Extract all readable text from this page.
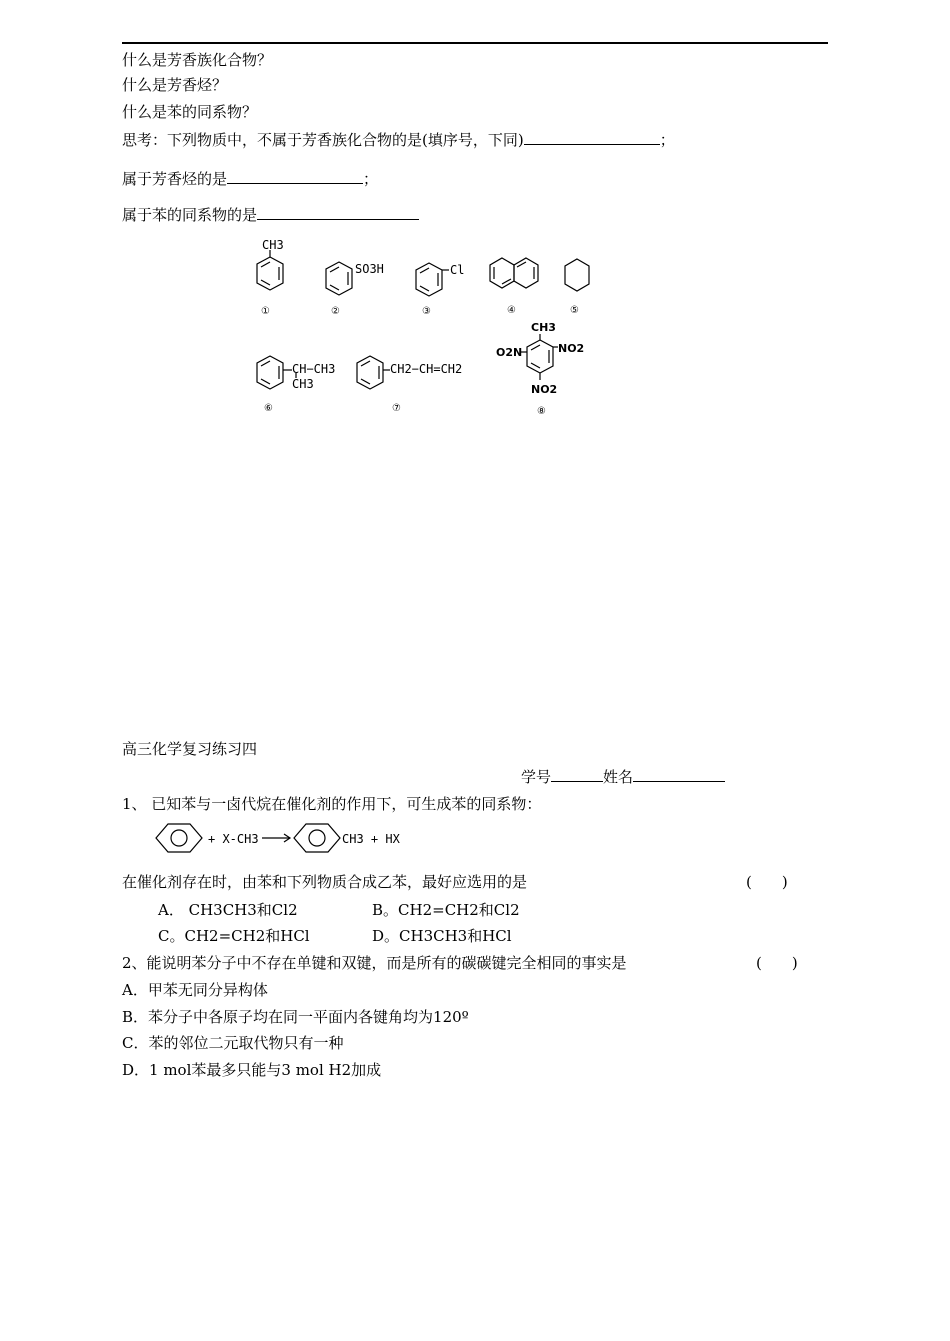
什么是芳香族化合物？
什么是芳香烃？
什么是苯的同系物？
思考：下列物质中，不属于芳香族化合物的是(填序号，下同)	；
属于芳香烃的是	；
属于苯的同系物的是
CH3
SO3H	Cl
CH−CH3
CH3
CH2−CH=CH2
CH3
O2N	NO2
NO2
①	②	③	④	⑤
⑥	⑦	⑧
+ X-CH3	CH3 + HX
高三化学复习练习四
学号	姓名
1、 已知苯与一卤代烷在催化剂的作用下，可生成苯的同系物：
在催化剂存在时，由苯和下列物质合成乙苯，最好应选用的是	(　　)
A． CH3CH3和Cl2	B。CH2=CH2和Cl2
C。CH2=CH2和HCl	D。CH3CH3和HCl
2、能说明苯分子中不存在单键和双键，而是所有的碳碳键完全相同的事实是	(　　)
A．甲苯无同分异构体
B．苯分子中各原子均在同一平面内各键角均为120º
C．苯的邻位二元取代物只有一种
D．1 mol苯最多只能与3 mol H2加成
